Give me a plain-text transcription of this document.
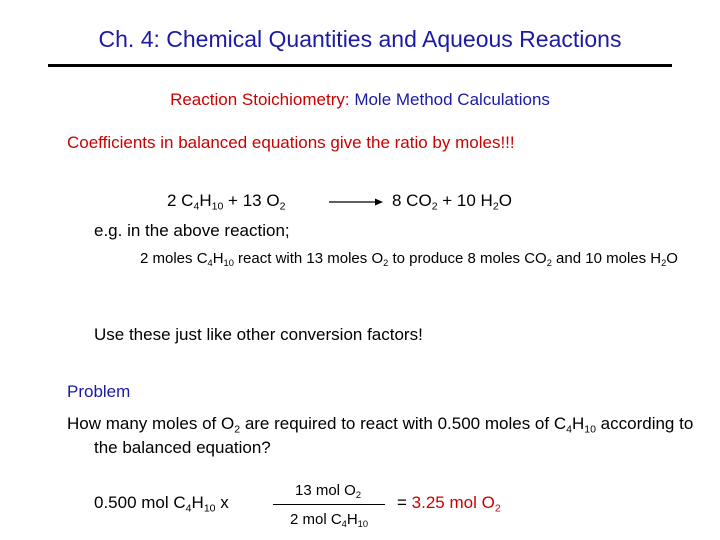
Ch. 4: Chemical Quantities and Aqueous Reactions
Reaction Stoichiometry: Mole Method Calculations
Coefficients in balanced equations give the ratio by moles!!!
2 $C_4H_{10} + 13$ $O_2$	→ 8 $CO_2 + 10$ $H_2O$
e.g. in the above reaction;
2 moles $C_4H_{10}$ react with 13 moles $O_2$ to produce 8 moles $CO_2$ and 10 moles $H_2O$
Use these just like other conversion factors!
Problem
How many moles of $O_2$ are required to react with 0.500 moles of $C_4H_{10}$ according to the balanced equation?
0.500 mol $C_4H_{10}$ x
13 mol $O_2$
2 mol $C_4H_{10}$
= 3.25 mol $O_2$
